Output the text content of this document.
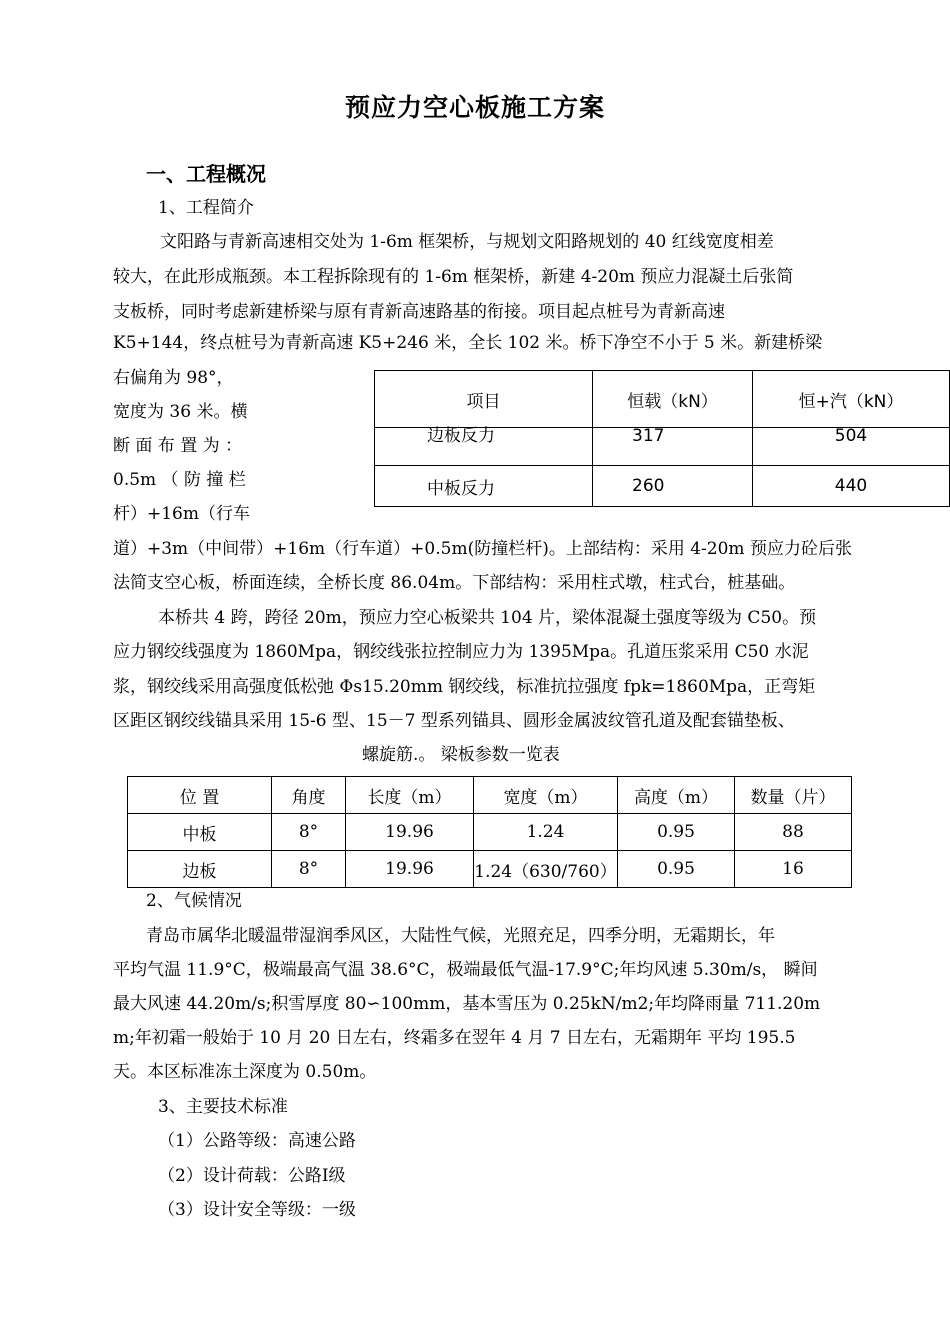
预应力空心板施工方案
一、工程概况
1、工程简介
文阳路与青新高速相交处为 1-6m 框架桥，与规划文阳路规划的 40 红线宽度相差
较大，在此形成瓶颈。本工程拆除现有的 1-6m 框架桥，新建 4-20m 预应力混凝土后张简
支板桥，同时考虑新建桥梁与原有青新高速路基的衔接。项目起点桩号为青新高速
K5+144，终点桩号为青新高速 K5+246 米，全长 102 米。桥下净空不小于 5 米。新建桥梁
右偏角为 98°，
宽度为 36 米。横
断 面 布 置 为 ：
0.5m （ 防 撞 栏
杆）+16m（行车
项目	恒载（kN）	恒+汽（kN）
边板反力	317	504
中板反力	260	440
道）+3m（中间带）+16m（行车道）+0.5m(防撞栏杆)。上部结构：采用 4-20m 预应力砼后张
法简支空心板，桥面连续，全桥长度 86.04m。下部结构：采用柱式墩，柱式台，桩基础。
本桥共 4 跨，跨径 20m，预应力空心板梁共 104 片，梁体混凝土强度等级为 C50。预
应力钢绞线强度为 1860Mpa，钢绞线张拉控制应力为 1395Mpa。孔道压浆采用 C50 水泥
浆，钢绞线采用高强度低松弛 Φs15.20mm 钢绞线，标准抗拉强度 fpk=1860Mpa，正弯矩
区距区钢绞线锚具采用 15-6 型、15－7 型系列锚具、圆形金属波纹管孔道及配套锚垫板、
螺旋筋.。 梁板参数一览表
位 置	角度	长度（m）	宽度（m）	高度（m）	数量（片）
中板	8°	19.96	1.24	0.95	88
边板	8°	19.96	1.24（630/760）	0.95	16
2、气候情况
青岛市属华北暖温带湿润季风区，大陆性气候，光照充足，四季分明，无霜期长，年
平均气温 11.9°C，极端最高气温 38.6°C，极端最低气温-17.9°C;年均风速 5.30m/s， 瞬间
最大风速 44.20m/s;积雪厚度 80∽100mm，基本雪压为 0.25kN/m2;年均降雨量 711.20m
m;年初霜一般始于 10 月 20 日左右，终霜多在翌年 4 月 7 日左右，无霜期年 平均 195.5
天。本区标准冻土深度为 0.50m。
3、主要技术标准
（1）公路等级：高速公路
（2）设计荷载：公路Ⅰ级
（3）设计安全等级：一级
